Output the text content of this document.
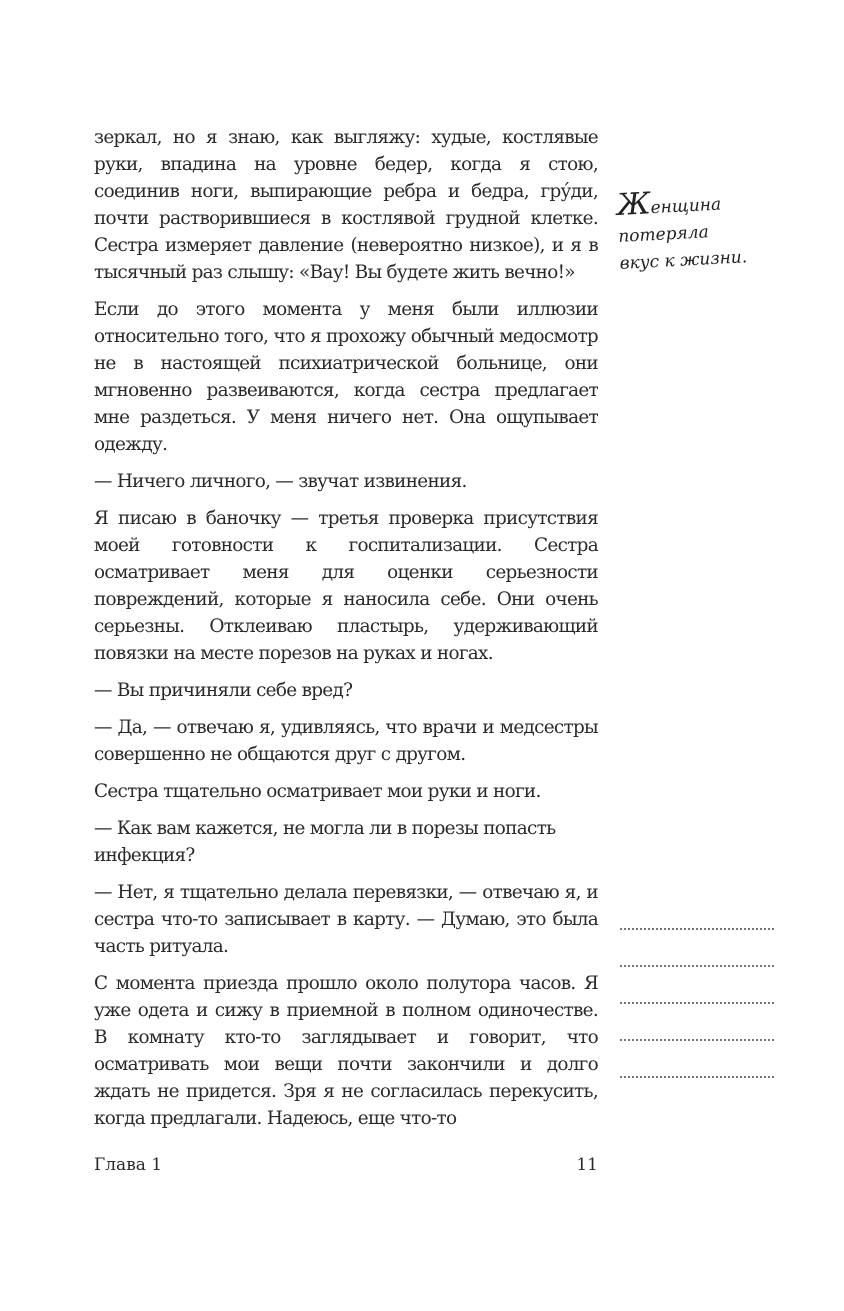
зеркал, но я знаю, как выгляжу: худые, костлявые руки, впадина на уровне бедер, когда я стою, соединив ноги, выпирающие ребра и бедра, гру́ди, почти растворившиеся в костлявой грудной клетке. Сестра измеряет давление (невероятно низкое), и я в тысячный раз слышу: «Вау! Вы будете жить вечно!»

Если до этого момента у меня были иллюзии относительно того, что я прохожу обычный медосмотр не в настоящей психиатрической больнице, они мгновенно развеиваются, когда сестра предлагает мне раздеться. У меня ничего нет. Она ощупывает одежду.

— Ничего личного, — звучат извинения.

Я писаю в баночку — третья проверка присутствия моей готовности к госпитализации. Сестра осматривает меня для оценки серьезности повреждений, которые я наносила себе. Они очень серьезны. Отклеиваю пластырь, удерживающий повязки на месте порезов на руках и ногах.

— Вы причиняли себе вред?

— Да, — отвечаю я, удивляясь, что врачи и медсестры совершенно не общаются друг с другом.

Сестра тщательно осматривает мои руки и ноги.

— Как вам кажется, не могла ли в порезы попасть инфекция?

— Нет, я тщательно делала перевязки, — отвечаю я, и сестра что-то записывает в карту. — Думаю, это была часть ритуала.

С момента приезда прошло около полутора часов. Я уже одета и сижу в приемной в полном одиночестве. В комнату кто-то заглядывает и говорит, что осматривать мои вещи почти закончили и долго ждать не придется. Зря я не согласилась перекусить, когда предлагали. Надеюсь, еще что-то

Женщина
потеряла
вкус к жизни.
Глава 1	11
